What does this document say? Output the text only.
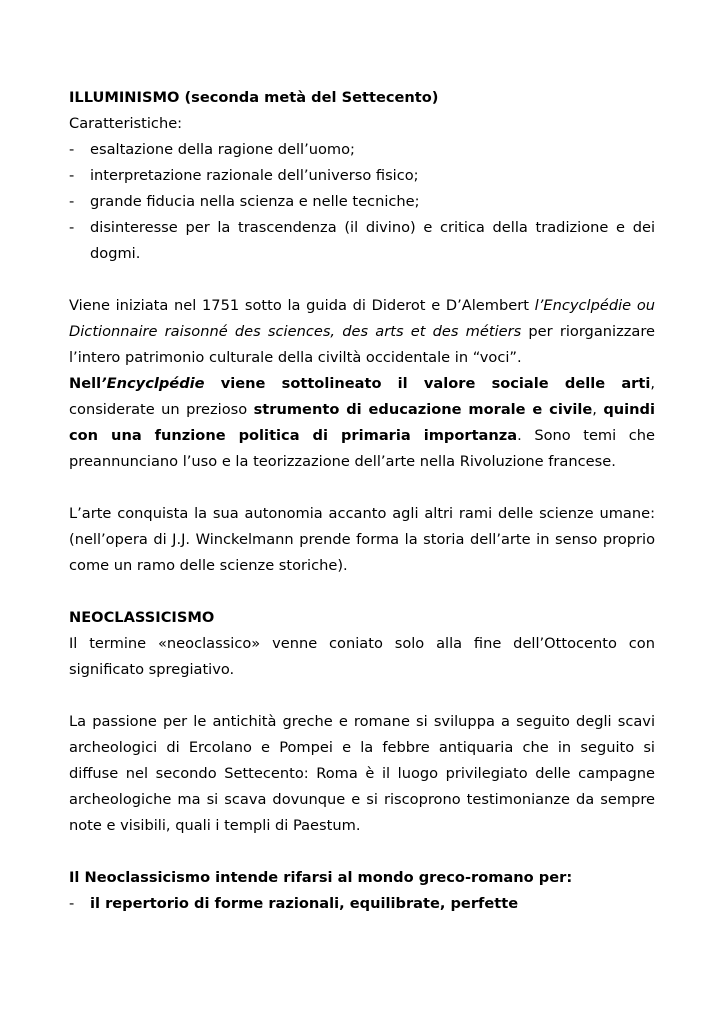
ILLUMINISMO (seconda metà del Settecento)
Caratteristiche:
- esaltazione della ragione dell’uomo;
- interpretazione razionale dell’universo fisico;
- grande fiducia nella scienza e nelle tecniche;
- disinteresse per la trascendenza (il divino) e critica della tradizione e dei
dogmi.
Viene iniziata nel 1751 sotto la guida di Diderot e D’Alembert l’Encyclpédie ou
Dictionnaire raisonné des sciences, des arts et des métiers per riorganizzare
l’intero patrimonio culturale della civiltà occidentale in “voci”.
Nell’Encyclpédie viene sottolineato il valore sociale delle arti,
considerate un prezioso strumento di educazione morale e civile, quindi
con una funzione politica di primaria importanza. Sono temi che
preannunciano l’uso e la teorizzazione dell’arte nella Rivoluzione francese.
L’arte conquista la sua autonomia accanto agli altri rami delle scienze umane:
(nell’opera di J.J. Winckelmann prende forma la storia dell’arte in senso proprio
come un ramo delle scienze storiche).
NEOCLASSICISMO
Il termine «neoclassico» venne coniato solo alla fine dell’Ottocento con
significato spregiativo.
La passione per le antichità greche e romane si sviluppa a seguito degli scavi
archeologici di Ercolano e Pompei e la febbre antiquaria che in seguito si
diffuse nel secondo Settecento: Roma è il luogo privilegiato delle campagne
archeologiche ma si scava dovunque e si riscoprono testimonianze da sempre
note e visibili, quali i templi di Paestum.
Il Neoclassicismo intende rifarsi al mondo greco-romano per:
- il repertorio di forme razionali, equilibrate, perfette
